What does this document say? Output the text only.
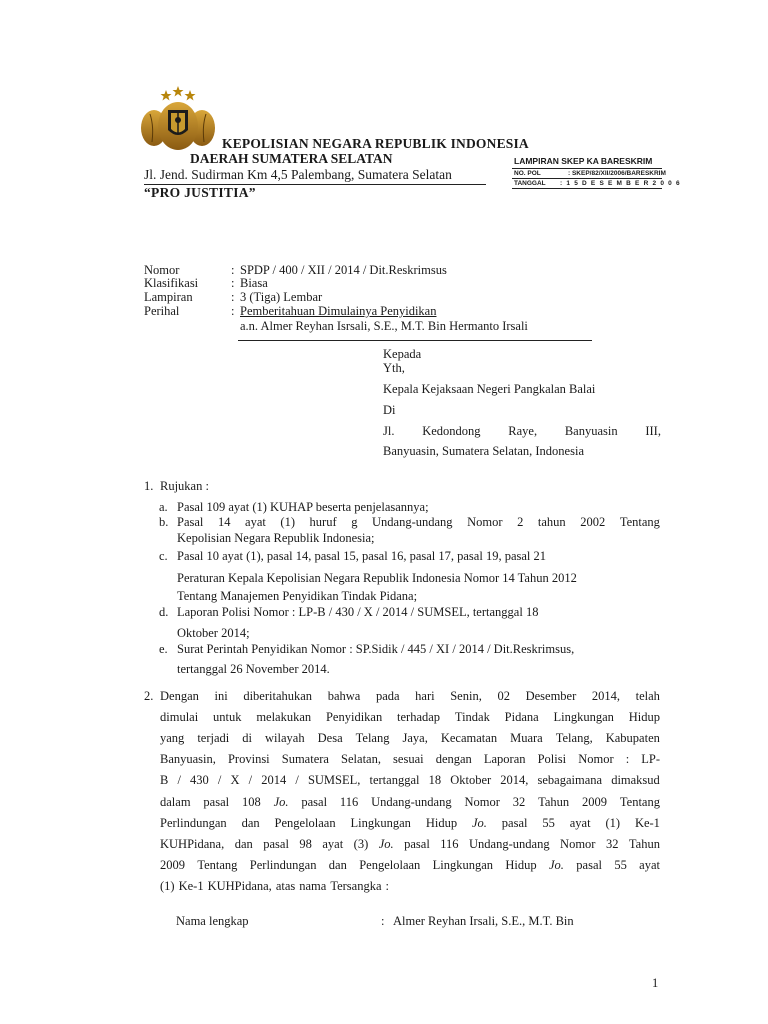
KEPOLISIAN NEGARA REPUBLIK INDONESIA
DAERAH SUMATERA SELATAN
Jl. Jend. Sudirman Km 4,5 Palembang, Sumatera Selatan
“PRO JUSTITIA”
LAMPIRAN SKEP KA BARESKRIM
NO. POL	: SKEP/82/XII/2006/BARESKRIM
TANGGAL : 1 5 D E S E M B E R 2 0 0 6
Nomor	: SPDP / 400 / XII / 2014 / Dit.Reskrimsus
Klasifikasi	: Biasa
Lampiran	: 3 (Tiga) Lembar
Perihal	: Pemberitahuan Dimulainya Penyidikan
a.n. Almer Reyhan Isrsali, S.E., M.T. Bin Hermanto Irsali
Kepada
Yth,
Kepala Kejaksaan Negeri Pangkalan Balai
Di
Jl. Kedondong Raye, Banyuasin III,
Banyuasin, Sumatera Selatan, Indonesia
1. Rujukan :
a. Pasal 109 ayat (1) KUHAP beserta penjelasannya;
b. Pasal 14 ayat (1) huruf g Undang-undang Nomor 2 tahun 2002 Tentang
Kepolisian Negara Republik Indonesia;
c. Pasal 10 ayat (1), pasal 14, pasal 15, pasal 16, pasal 17, pasal 19, pasal 21
Peraturan Kepala Kepolisian Negara Republik Indonesia Nomor 14 Tahun 2012
Tentang Manajemen Penyidikan Tindak Pidana;
d. Laporan Polisi Nomor : LP-B / 430 / X / 2014 / SUMSEL, tertanggal 18
Oktober 2014;
e. Surat Perintah Penyidikan Nomor : SP.Sidik / 445 / XI / 2014 / Dit.Reskrimsus,
tertanggal 26 November 2014.
2. Dengan ini diberitahukan bahwa pada hari Senin, 02 Desember 2014, telah
dimulai untuk melakukan Penyidikan terhadap Tindak Pidana Lingkungan Hidup
yang terjadi di wilayah Desa Telang Jaya, Kecamatan Muara Telang, Kabupaten
Banyuasin, Provinsi Sumatera Selatan, sesuai dengan Laporan Polisi Nomor : LP-
B / 430 / X / 2014 / SUMSEL, tertanggal 18 Oktober 2014, sebagaimana dimaksud
dalam pasal 108 Jo. pasal 116 Undang-undang Nomor 32 Tahun 2009 Tentang
Perlindungan dan Pengelolaan Lingkungan Hidup Jo. pasal 55 ayat (1) Ke-1
KUHPidana, dan pasal 98 ayat (3) Jo. pasal 116 Undang-undang Nomor 32 Tahun
2009 Tentang Perlindungan dan Pengelolaan Lingkungan Hidup Jo. pasal 55 ayat
(1) Ke-1 KUHPidana, atas nama Tersangka :
Nama lengkap	: Almer Reyhan Irsali, S.E., M.T. Bin
1
